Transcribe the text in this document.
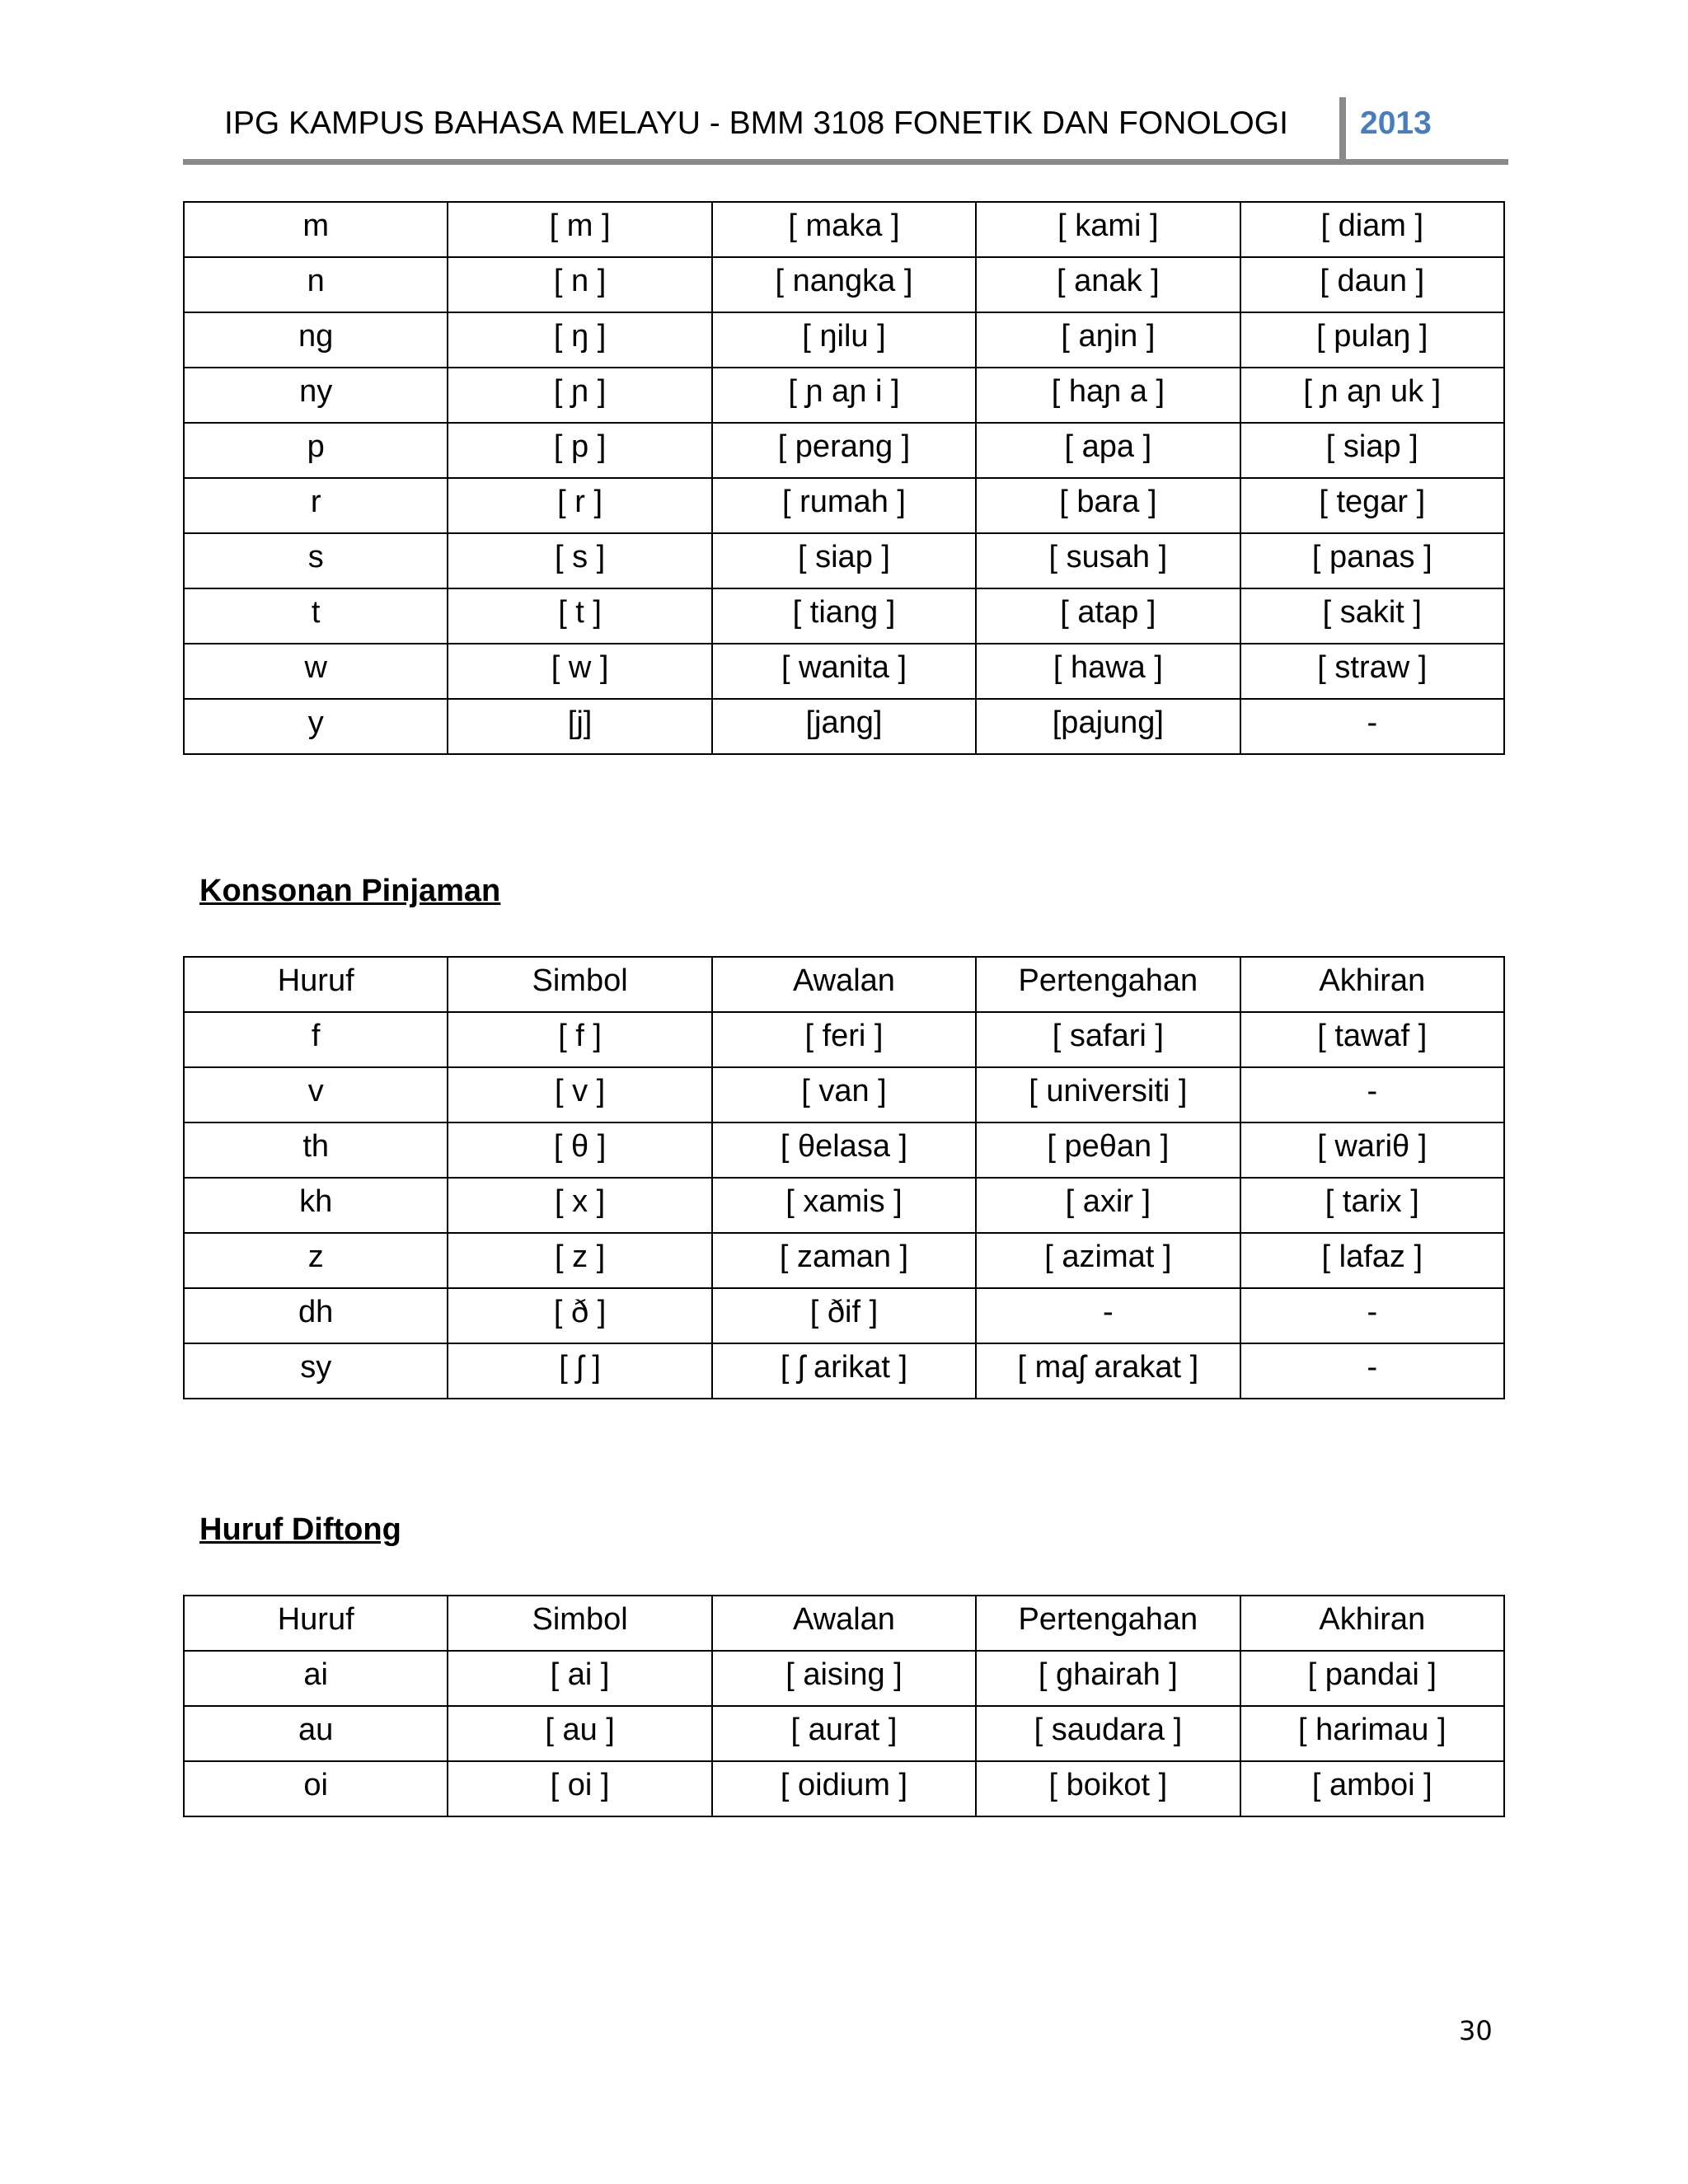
IPG KAMPUS BAHASA MELAYU - BMM 3108 FONETIK DAN FONOLOGI	2013
m	[ m ]	[ maka ]	[ kami ]	[ diam ]
n	[ n ]	[ nangka ]	[ anak ]	[ daun ]
ng	[ ŋ ]	[ ŋilu ]	[ aŋin ]	[ pulaŋ ]
ny	[ ɲ ]	[ ɲ aɲ i ]	[ haɲ a ]	[ ɲ aɲ uk ]
p	[ p ]	[ perang ]	[ apa ]	[ siap ]
r	[ r ]	[ rumah ]	[ bara ]	[ tegar ]
s	[ s ]	[ siap ]	[ susah ]	[ panas ]
t	[ t ]	[ tiang ]	[ atap ]	[ sakit ]
w	[ w ]	[ wanita ]	[ hawa ]	[ straw ]
y	[j]	[jang]	[pajung]	-
Konsonan Pinjaman
Huruf	Simbol	Awalan	Pertengahan	Akhiran
f	[ f ]	[ feri ]	[ safari ]	[ tawaf ]
v	[ v ]	[ van ]	[ universiti ]	-
th	[ θ ]	[ θelasa ]	[ peθan ]	[ wariθ ]
kh	[ x ]	[ xamis ]	[ axir ]	[ tarix ]
z	[ z ]	[ zaman ]	[ azimat ]	[ lafaz ]
dh	[ ð ]	[ ðif ]	-	-
sy	[ ʃ ]	[ ʃ arikat ]	[ maʃ arakat ]	-
Huruf Diftong
Huruf	Simbol	Awalan	Pertengahan	Akhiran
ai	[ ai ]	[ aising ]	[ ghairah ]	[ pandai ]
au	[ au ]	[ aurat ]	[ saudara ]	[ harimau ]
oi	[ oi ]	[ oidium ]	[ boikot ]	[ amboi ]
30
